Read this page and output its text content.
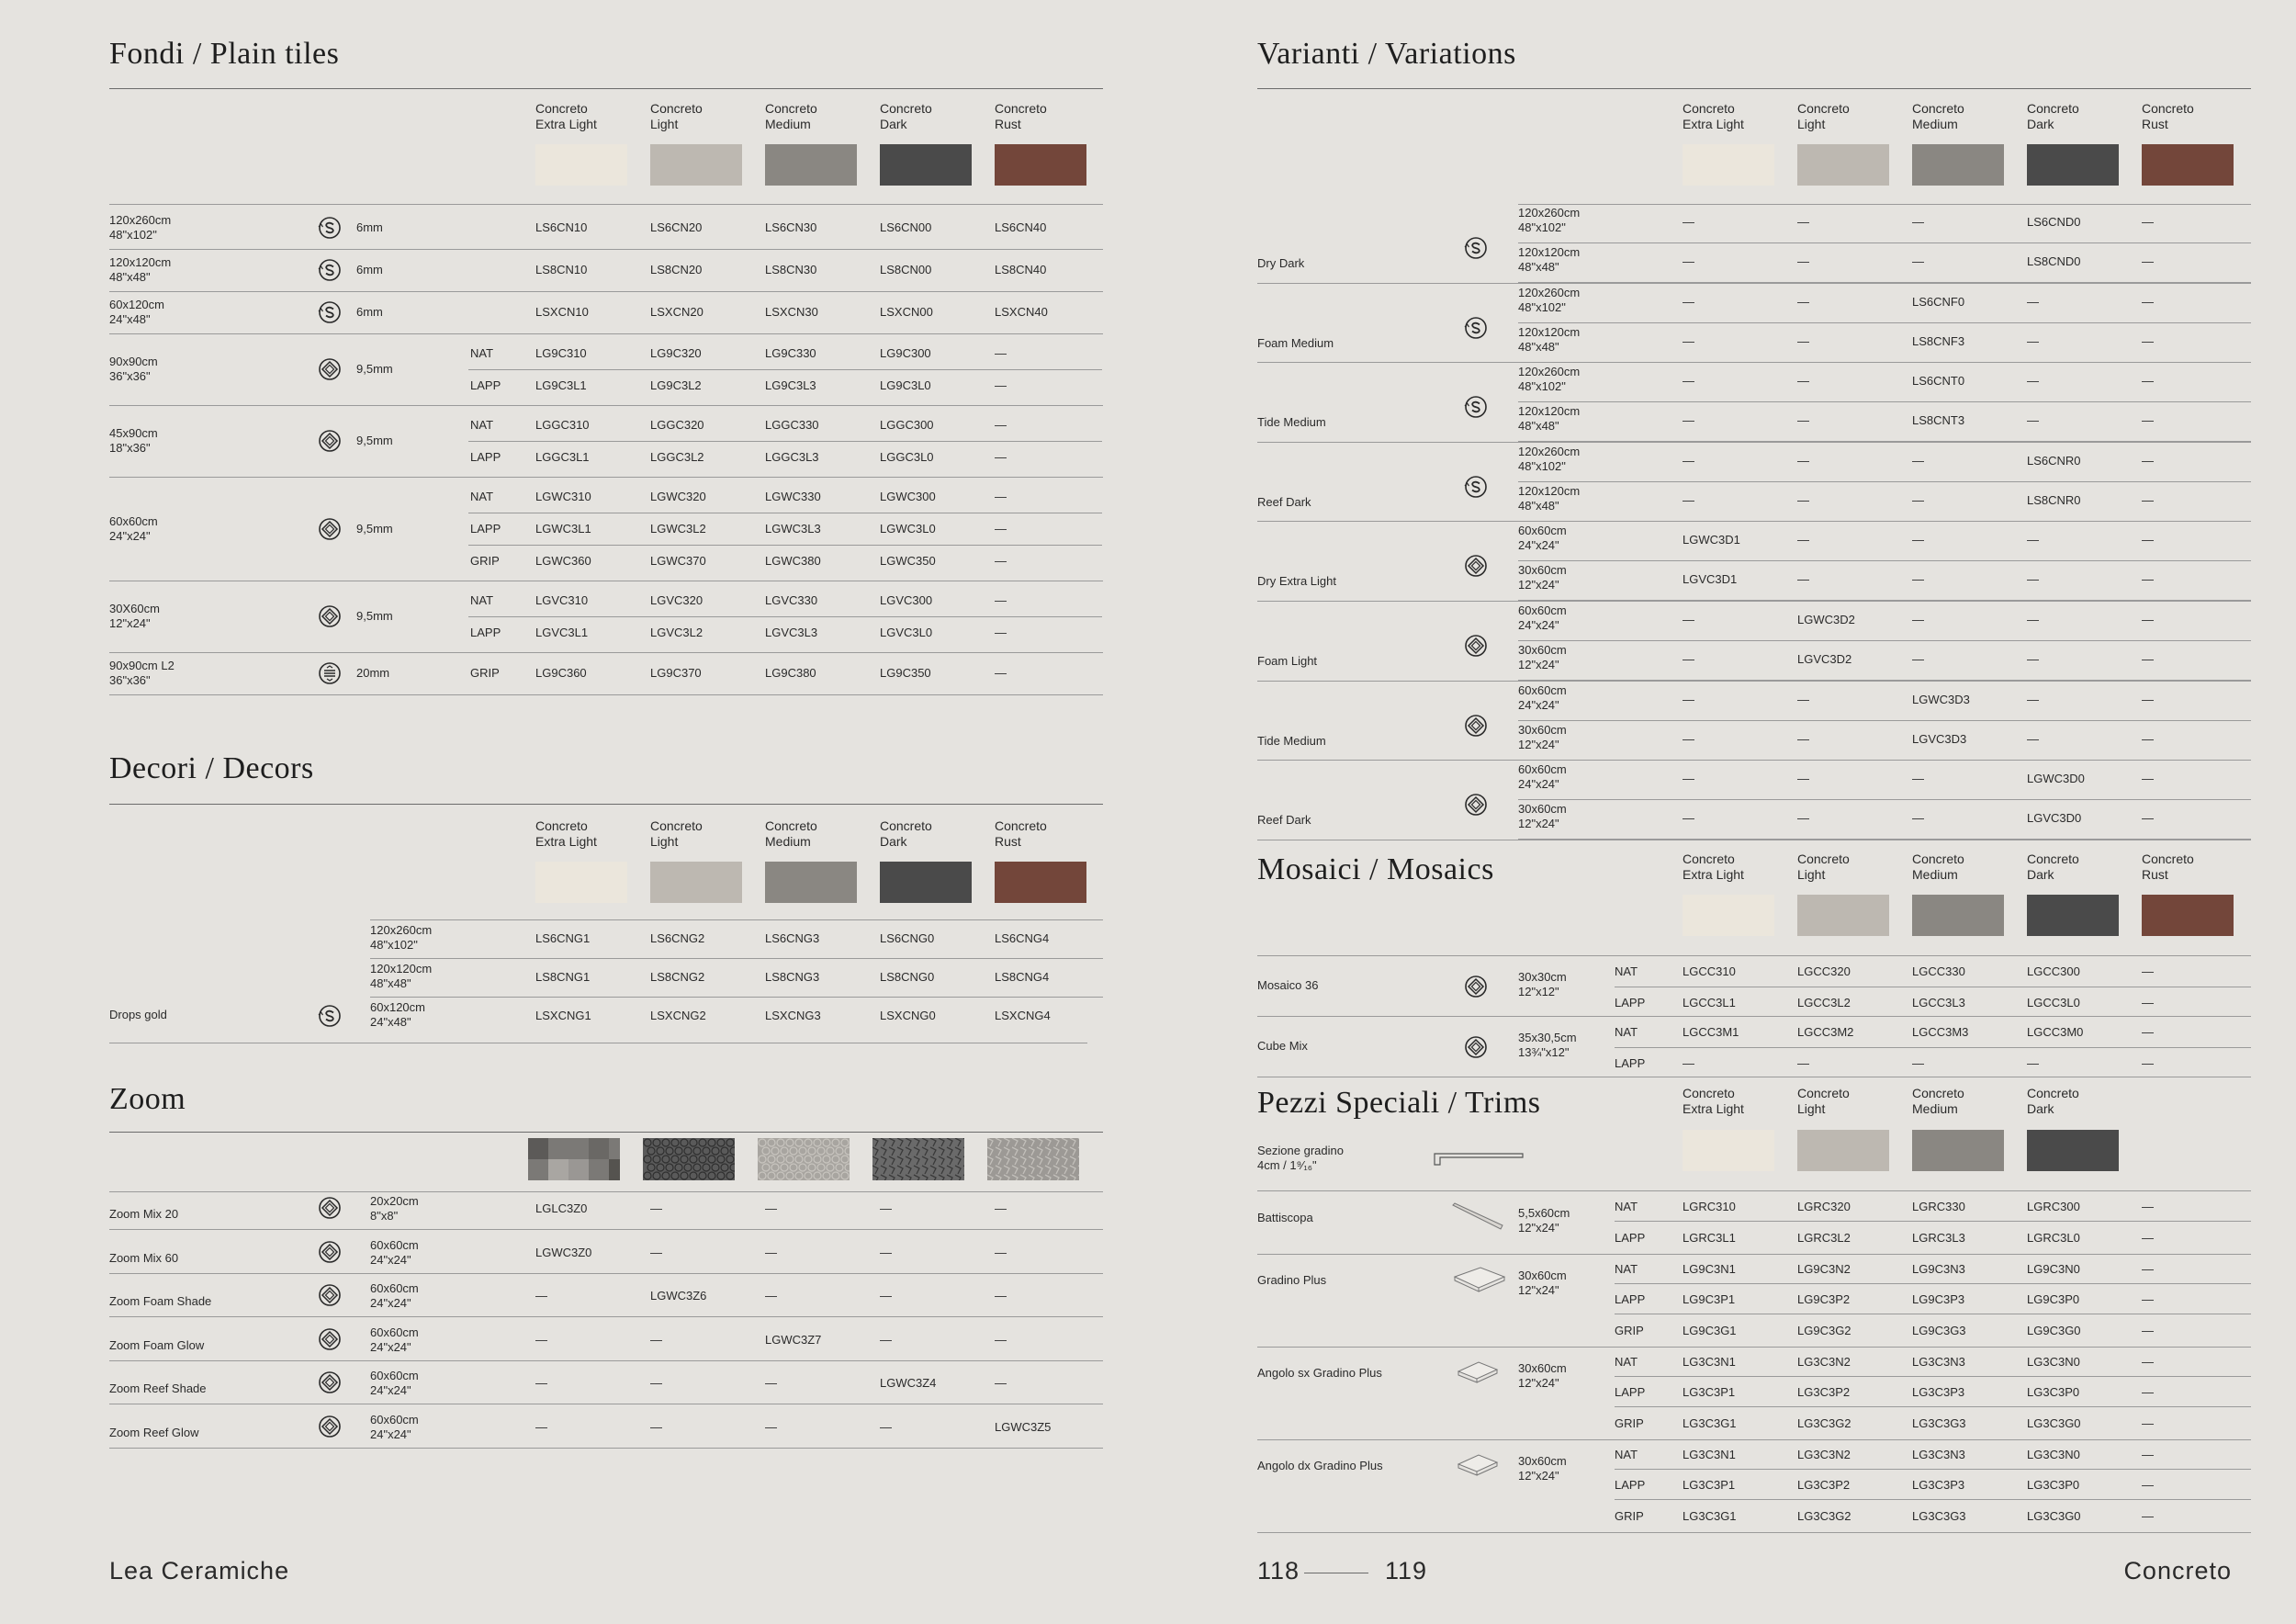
Fondi / Plain tiles
Concreto
Extra Light
Concreto
Light
Concreto
Medium
Concreto
Dark
Concreto
Rust
120x260cm
48"x102"
6mm	LS6CN10	LS6CN20	LS6CN30	LS6CN00	LS6CN40
120x120cm
48"x48"
6mm	LS8CN10	LS8CN20	LS8CN30	LS8CN00	LS8CN40
60x120cm
24"x48"
6mm	LSXCN10	LSXCN20	LSXCN30	LSXCN00	LSXCN40
90x90cm
36"x36"
9,5mm
NAT	LG9C310	LG9C320	LG9C330	LG9C300	—
LAPP	LG9C3L1	LG9C3L2	LG9C3L3	LG9C3L0	—
45x90cm
18"x36"
9,5mm
NAT	LGGC310	LGGC320	LGGC330	LGGC300	—
LAPP	LGGC3L1	LGGC3L2	LGGC3L3	LGGC3L0	—
60x60cm
24"x24"
9,5mm
NAT	LGWC310	LGWC320	LGWC330	LGWC300	—
LAPP	LGWC3L1	LGWC3L2	LGWC3L3	LGWC3L0	—
GRIP	LGWC360	LGWC370	LGWC380	LGWC350	—
30X60cm
12"x24"
9,5mm
NAT	LGVC310	LGVC320	LGVC330	LGVC300	—
LAPP	LGVC3L1	LGVC3L2	LGVC3L3	LGVC3L0	—
90x90cm L2
36"x36"
20mm	GRIP	LG9C360	LG9C370	LG9C380	LG9C350	—
Decori / Decors
Concreto
Extra Light
Concreto
Light
Concreto
Medium
Concreto
Dark
Concreto
Rust
120x260cm
48"x102"	LS6CNG1	LS6CNG2	LS6CNG3	LS6CNG0	LS6CNG4
120x120cm
48"x48"	LS8CNG1	LS8CNG2	LS8CNG3	LS8CNG0	LS8CNG4
60x120cm
24"x48"	LSXCNG1	LSXCNG2	LSXCNG3	LSXCNG0	LSXCNG4
Drops gold
Zoom
Zoom Mix 20
20x20cm
8"x8"
LGLC3Z0	—	—	—	—
Zoom Mix 60
60x60cm
24"x24"
LGWC3Z0	—	—	—	—
Zoom Foam Shade
60x60cm
24"x24"
—	LGWC3Z6	—	—	—
Zoom Foam Glow
60x60cm
24"x24"
—	—	LGWC3Z7	—	—
Zoom Reef Shade
60x60cm
24"x24"
—	—	—	LGWC3Z4	—
Zoom Reef Glow
60x60cm
24"x24"
—	—	—	—	LGWC3Z5
Lea Ceramiche
Varianti / Variations
Concreto
Extra Light
Concreto
Light
Concreto
Medium
Concreto
Dark
Concreto
Rust
Dry Dark
120x260cm
48"x102"	—	—	—	LS6CND0	—
120x120cm
48"x48"	—	—	—	LS8CND0	—
Foam Medium
120x260cm
48"x102"	—	—	LS6CNF0	—	—
120x120cm
48"x48"	—	—	LS8CNF3	—	—
Tide Medium
120x260cm
48"x102"	—	—	LS6CNT0	—	—
120x120cm
48"x48"	—	—	LS8CNT3	—	—
Reef Dark
120x260cm
48"x102"	—	—	—	LS6CNR0	—
120x120cm
48"x48"	—	—	—	LS8CNR0	—
Dry Extra Light
60x60cm
24"x24"	LGWC3D1	—	—	—	—
30x60cm
12"x24"	LGVC3D1	—	—	—	—
Foam Light
60x60cm
24"x24"	—	LGWC3D2	—	—	—
30x60cm
12"x24"	—	LGVC3D2	—	—	—
Tide Medium
60x60cm
24"x24"	—	—	LGWC3D3	—	—
30x60cm
12"x24"	—	—	LGVC3D3	—	—
Reef Dark
60x60cm
24"x24"	—	—	—	LGWC3D0	—
30x60cm
12"x24"	—	—	—	LGVC3D0	—
Mosaici / Mosaics	Concreto
Extra Light
Concreto
Light
Concreto
Medium
Concreto
Dark
Concreto
Rust
Mosaico 36
30x30cm
12"x12"
NAT	LGCC310	LGCC320	LGCC330	LGCC300	—
LAPP	LGCC3L1	LGCC3L2	LGCC3L3	LGCC3L0	—
Cube Mix
35x30,5cm
13¾"x12"
NAT	LGCC3M1	LGCC3M2	LGCC3M3	LGCC3M0	—
LAPP	—	—	—	—	—
Pezzi Speciali / Trims	Concreto
Extra Light
Concreto
Light
Concreto
Medium
Concreto
Dark
Sezione gradino
4cm / 1⁹⁄₁₆"
Battiscopa	5,5x60cm
12"x24"
NAT	LGRC310	LGRC320	LGRC330	LGRC300	—
LAPP	LGRC3L1	LGRC3L2	LGRC3L3	LGRC3L0	—
Gradino Plus	30x60cm
12"x24"
NAT	LG9C3N1	LG9C3N2	LG9C3N3	LG9C3N0	—
LAPP	LG9C3P1	LG9C3P2	LG9C3P3	LG9C3P0	—
GRIP	LG9C3G1	LG9C3G2	LG9C3G3	LG9C3G0	—
Angolo sx Gradino Plus	30x60cm
12"x24"
NAT	LG3C3N1	LG3C3N2	LG3C3N3	LG3C3N0	—
LAPP	LG3C3P1	LG3C3P2	LG3C3P3	LG3C3P0	—
GRIP	LG3C3G1	LG3C3G2	LG3C3G3	LG3C3G0	—
Angolo dx Gradino Plus	30x60cm
12"x24"
NAT	LG3C3N1	LG3C3N2	LG3C3N3	LG3C3N0	—
LAPP	LG3C3P1	LG3C3P2	LG3C3P3	LG3C3P0	—
GRIP	LG3C3G1	LG3C3G2	LG3C3G3	LG3C3G0	—
118	119	Concreto
